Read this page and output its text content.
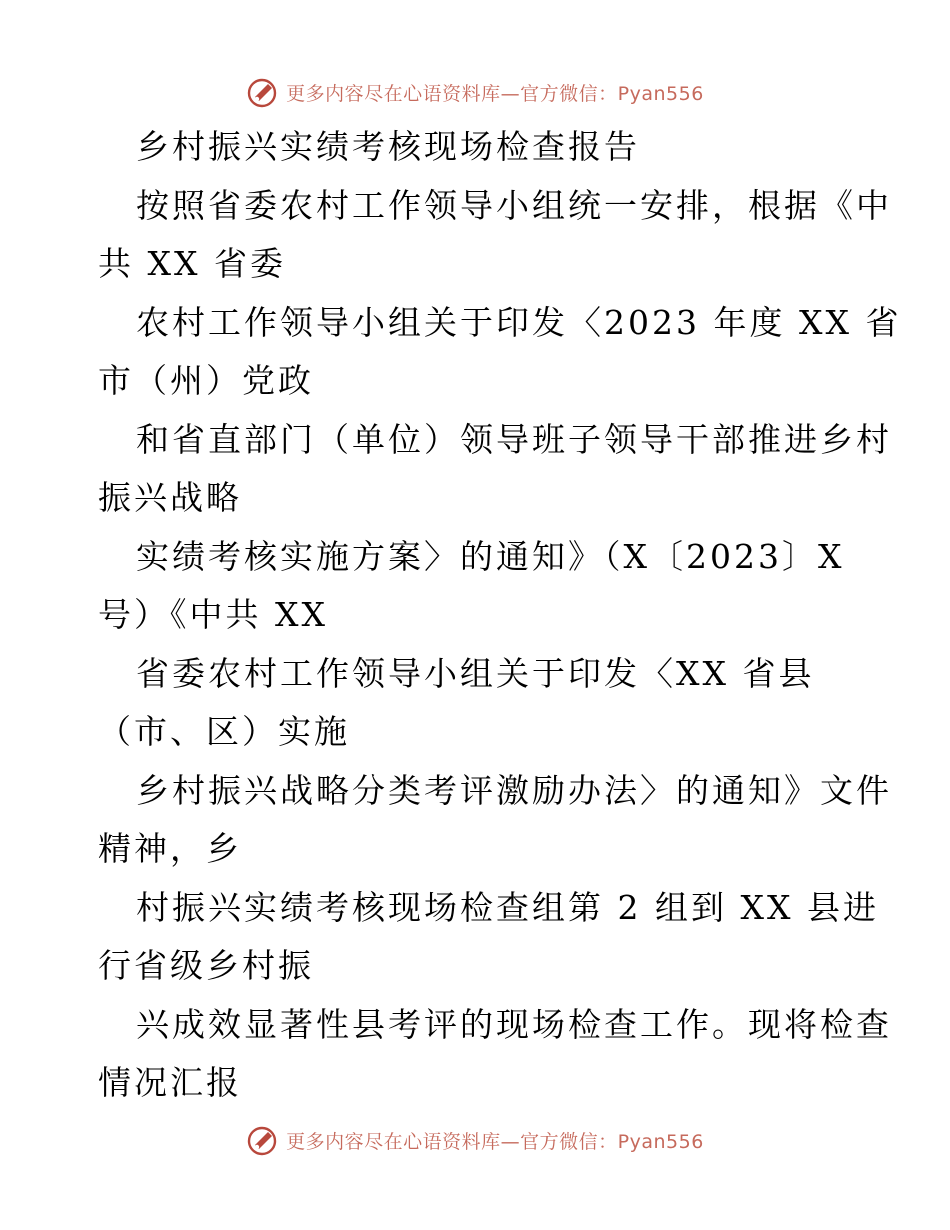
更多内容尽在心语资料库—官方微信：Pyan556
乡村振兴实绩考核现场检查报告
按照省委农村工作领导小组统一安排，根据《中
共 XX 省委
农村工作领导小组关于印发〈2023 年度 XX 省
市（州）党政
和省直部门（单位）领导班子领导干部推进乡村
振兴战略
实绩考核实施方案〉的通知》（X〔2023〕X
号）《中共 XX
省委农村工作领导小组关于印发〈XX 省县
（市、区）实施
乡村振兴战略分类考评激励办法〉的通知》文件
精神，乡
村振兴实绩考核现场检查组第 2 组到 XX 县进
行省级乡村振
兴成效显著性县考评的现场检查工作。现将检查
情况汇报
更多内容尽在心语资料库—官方微信：Pyan556
